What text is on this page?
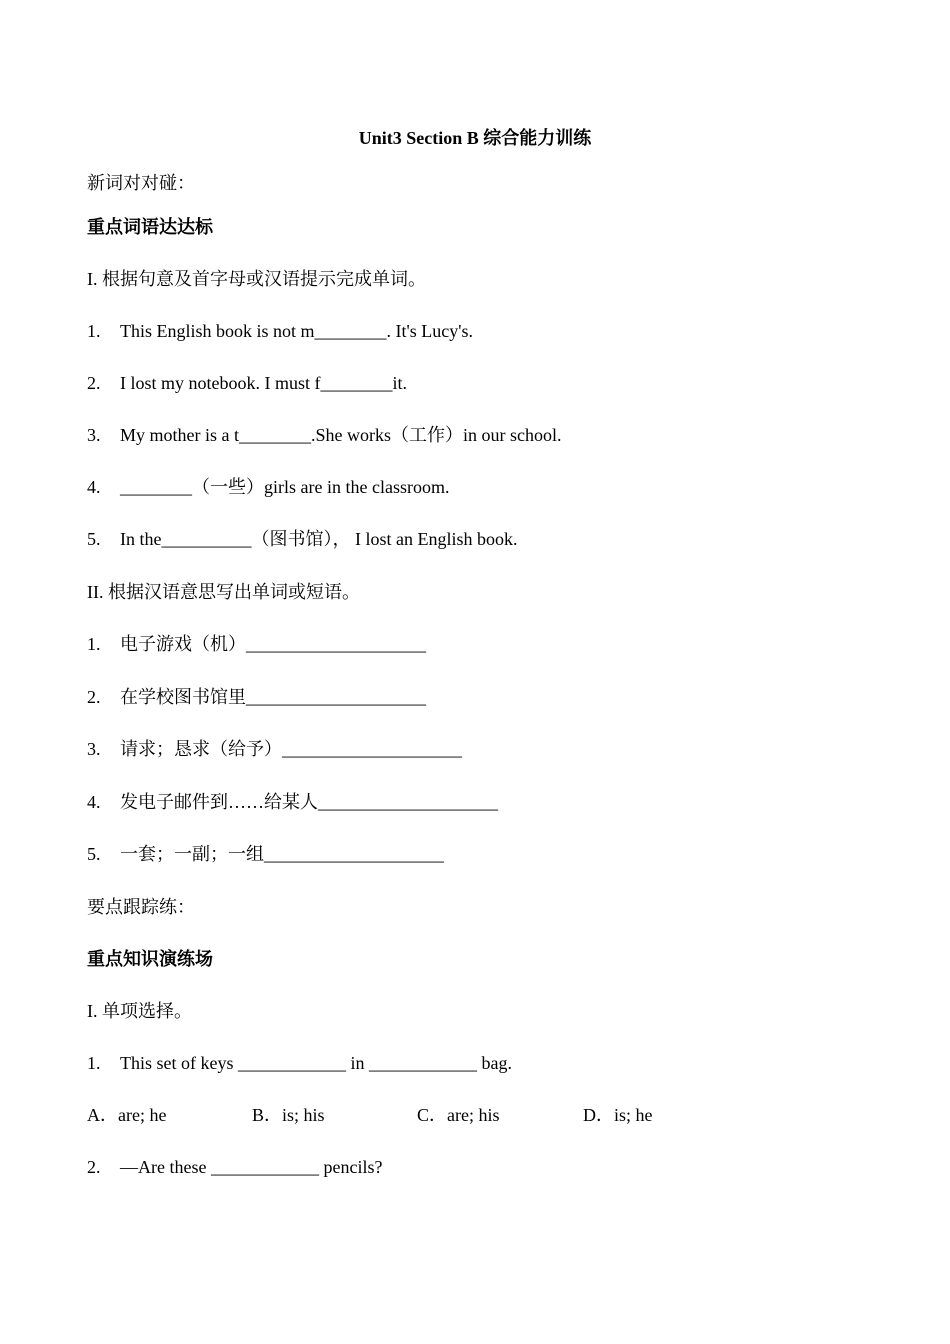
Unit3 Section B 综合能力训练
新词对对碰：
重点词语达达标
I. 根据句意及首字母或汉语提示完成单词。
1. This English book is not m________. It's Lucy's.
2. I lost my notebook. I must f________it.
3. My mother is a t________.She works（工作）in our school.
4. ________（一些）girls are in the classroom.
5. In the__________（图书馆）， I lost an English book.
II. 根据汉语意思写出单词或短语。
1. 电子游戏（机）____________________
2. 在学校图书馆里____________________
3. 请求；恳求（给予）____________________
4. 发电子邮件到……给某人____________________
5. 一套；一副；一组____________________
要点跟踪练：
重点知识演练场
I. 单项选择。
1. This set of keys ____________ in ____________ bag.
A．are; he	B．is; his	C．are; his	D．is; he
2. —Are these ____________ pencils?
